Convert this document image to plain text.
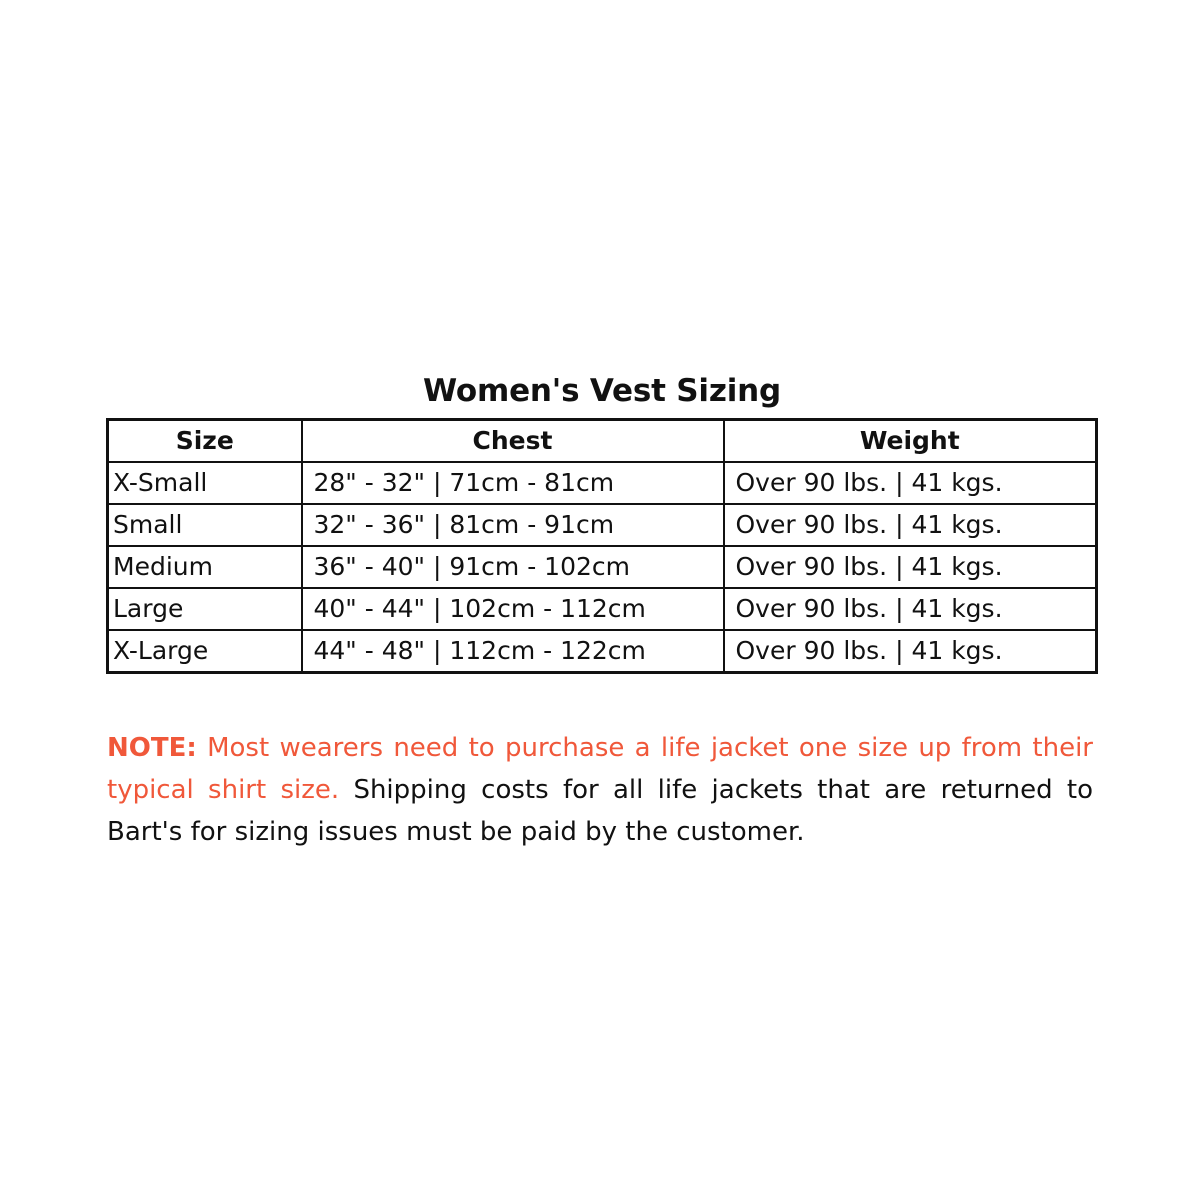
Women's Vest Sizing
Size	Chest	Weight
X-Small	28" - 32" | 71cm - 81cm	Over 90 lbs. | 41 kgs.
Small	32" - 36" | 81cm - 91cm	Over 90 lbs. | 41 kgs.
Medium	36" - 40" | 91cm - 102cm	Over 90 lbs. | 41 kgs.
Large	40" - 44" | 102cm - 112cm	Over 90 lbs. | 41 kgs.
X-Large	44" - 48" | 112cm - 122cm	Over 90 lbs. | 41 kgs.

NOTE: Most wearers need to purchase a life jacket one size up from their typical shirt size. Shipping costs for all life jackets that are returned to Bart's for sizing issues must be paid by the customer.
